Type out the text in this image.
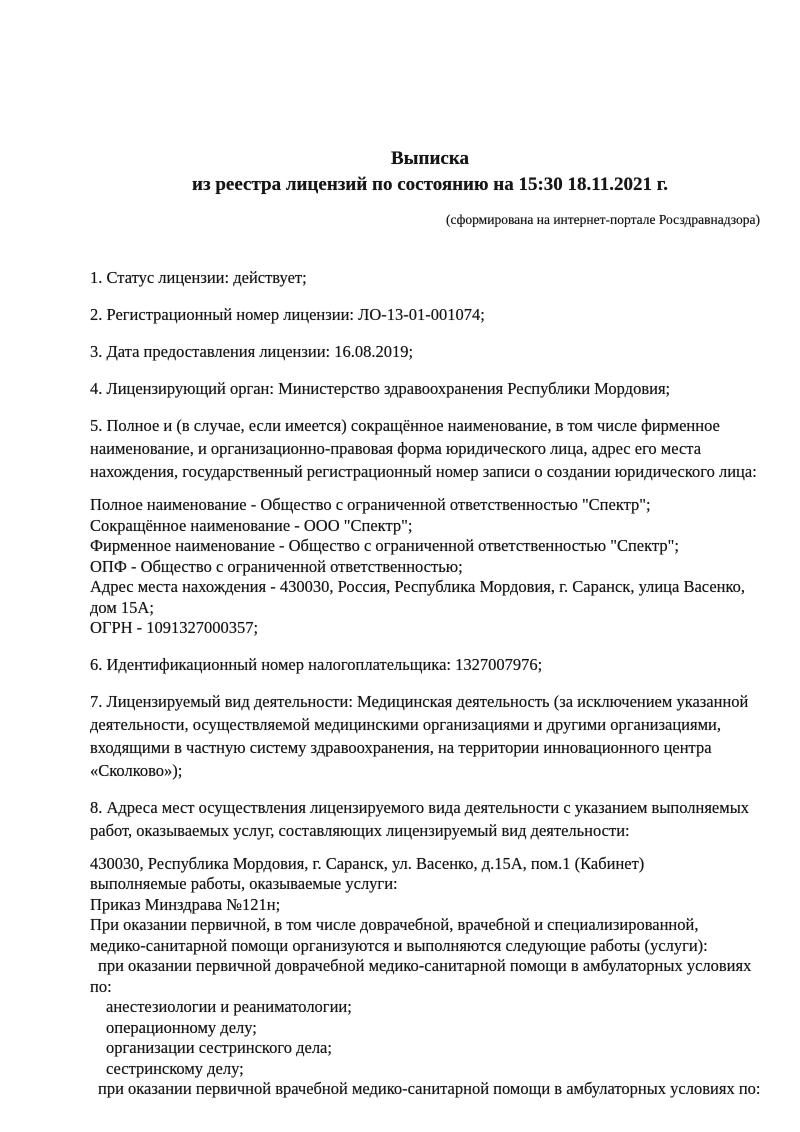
Выписка
из реестра лицензий по состоянию на 15:30 18.11.2021 г.
(сформирована на интернет-портале Росздравнадзора)
1. Статус лицензии: действует;
2. Регистрационный номер лицензии: ЛО-13-01-001074;
3. Дата предоставления лицензии: 16.08.2019;
4. Лицензирующий орган: Министерство здравоохранения Республики Мордовия;
5. Полное и (в случае, если имеется) сокращённое наименование, в том числе фирменное
наименование, и организационно-правовая форма юридического лица, адрес его места
нахождения, государственный регистрационный номер записи о создании юридического лица:
Полное наименование - Общество с ограниченной ответственностью "Спектр";
Сокращённое наименование - ООО "Спектр";
Фирменное наименование - Общество с ограниченной ответственностью "Спектр";
ОПФ - Общество с ограниченной ответственностью;
Адрес места нахождения - 430030, Россия, Республика Мордовия, г. Саранск, улица Васенко,
дом 15А;
ОГРН - 1091327000357;
6. Идентификационный номер налогоплательщика: 1327007976;
7. Лицензируемый вид деятельности: Медицинская деятельность (за исключением указанной
деятельности, осуществляемой медицинскими организациями и другими организациями,
входящими в частную систему здравоохранения, на территории инновационного центра
«Сколково»);
8. Адреса мест осуществления лицензируемого вида деятельности с указанием выполняемых
работ, оказываемых услуг, составляющих лицензируемый вид деятельности:
430030, Республика Мордовия, г. Саранск, ул. Васенко, д.15А, пом.1 (Кабинет)
выполняемые работы, оказываемые услуги:
Приказ Минздрава №121н;
При оказании первичной, в том числе доврачебной, врачебной и специализированной,
медико-санитарной помощи организуются и выполняются следующие работы (услуги):
при оказании первичной доврачебной медико-санитарной помощи в амбулаторных условиях
по:
анестезиологии и реаниматологии;
операционному делу;
организации сестринского дела;
сестринскому делу;
при оказании первичной врачебной медико-санитарной помощи в амбулаторных условиях по:
